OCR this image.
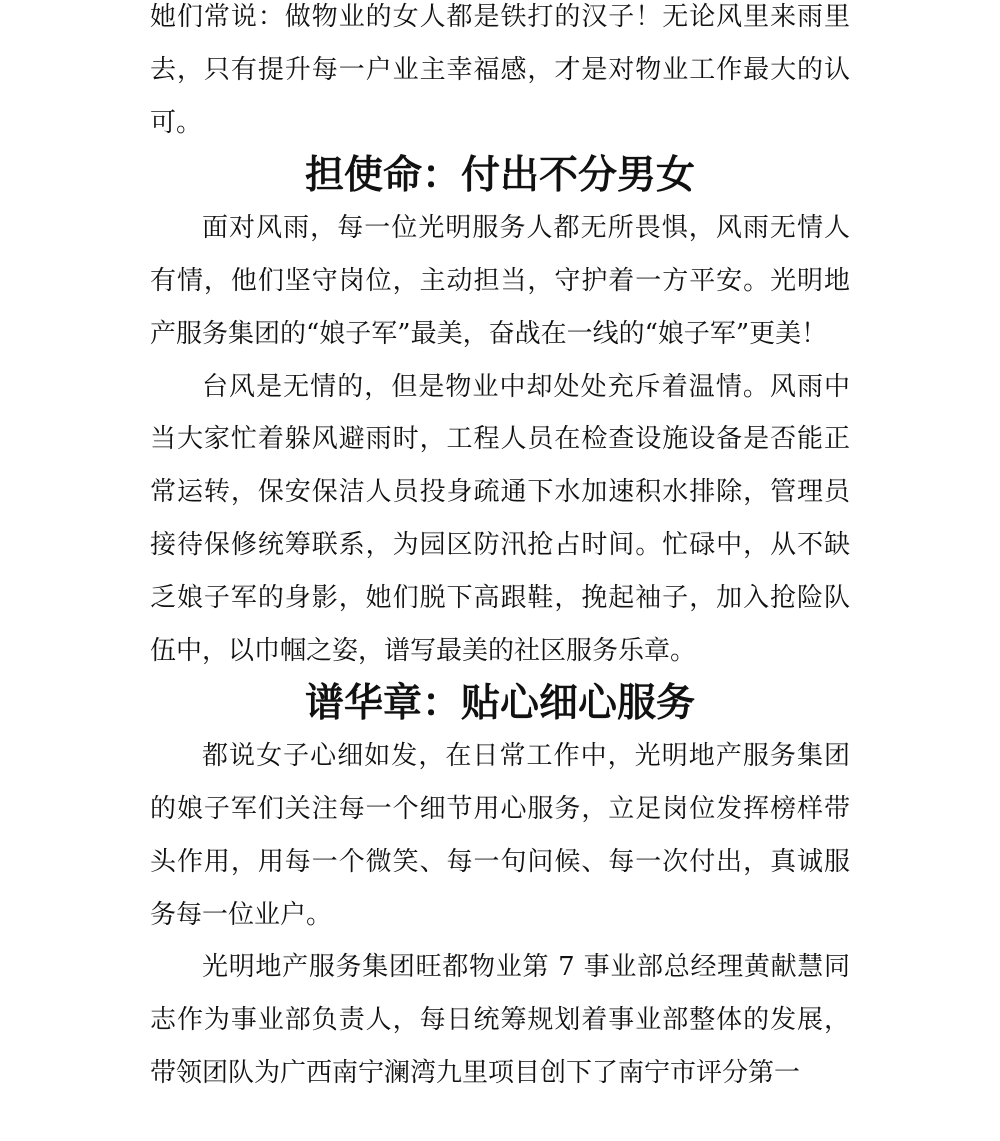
她们常说：做物业的女人都是铁打的汉子！无论风里来雨里去，只有提升每一户业主幸福感，才是对物业工作最大的认可。

担使命：付出不分男女

面对风雨，每一位光明服务人都无所畏惧，风雨无情人有情，他们坚守岗位，主动担当，守护着一方平安。光明地产服务集团的“娘子军”最美，奋战在一线的“娘子军”更美！

台风是无情的，但是物业中却处处充斥着温情。风雨中当大家忙着躲风避雨时，工程人员在检查设施设备是否能正常运转，保安保洁人员投身疏通下水加速积水排除，管理员接待保修统筹联系，为园区防汛抢占时间。忙碌中，从不缺乏娘子军的身影，她们脱下高跟鞋，挽起袖子，加入抢险队伍中，以巾帼之姿，谱写最美的社区服务乐章。

谱华章：贴心细心服务

都说女子心细如发，在日常工作中，光明地产服务集团的娘子军们关注每一个细节用心服务，立足岗位发挥榜样带头作用，用每一个微笑、每一句问候、每一次付出，真诚服务每一位业户。

光明地产服务集团旺都物业第 7 事业部总经理黄献慧同志作为事业部负责人，每日统筹规划着事业部整体的发展，带领团队为广西南宁澜湾九里项目创下了南宁市评分第一
